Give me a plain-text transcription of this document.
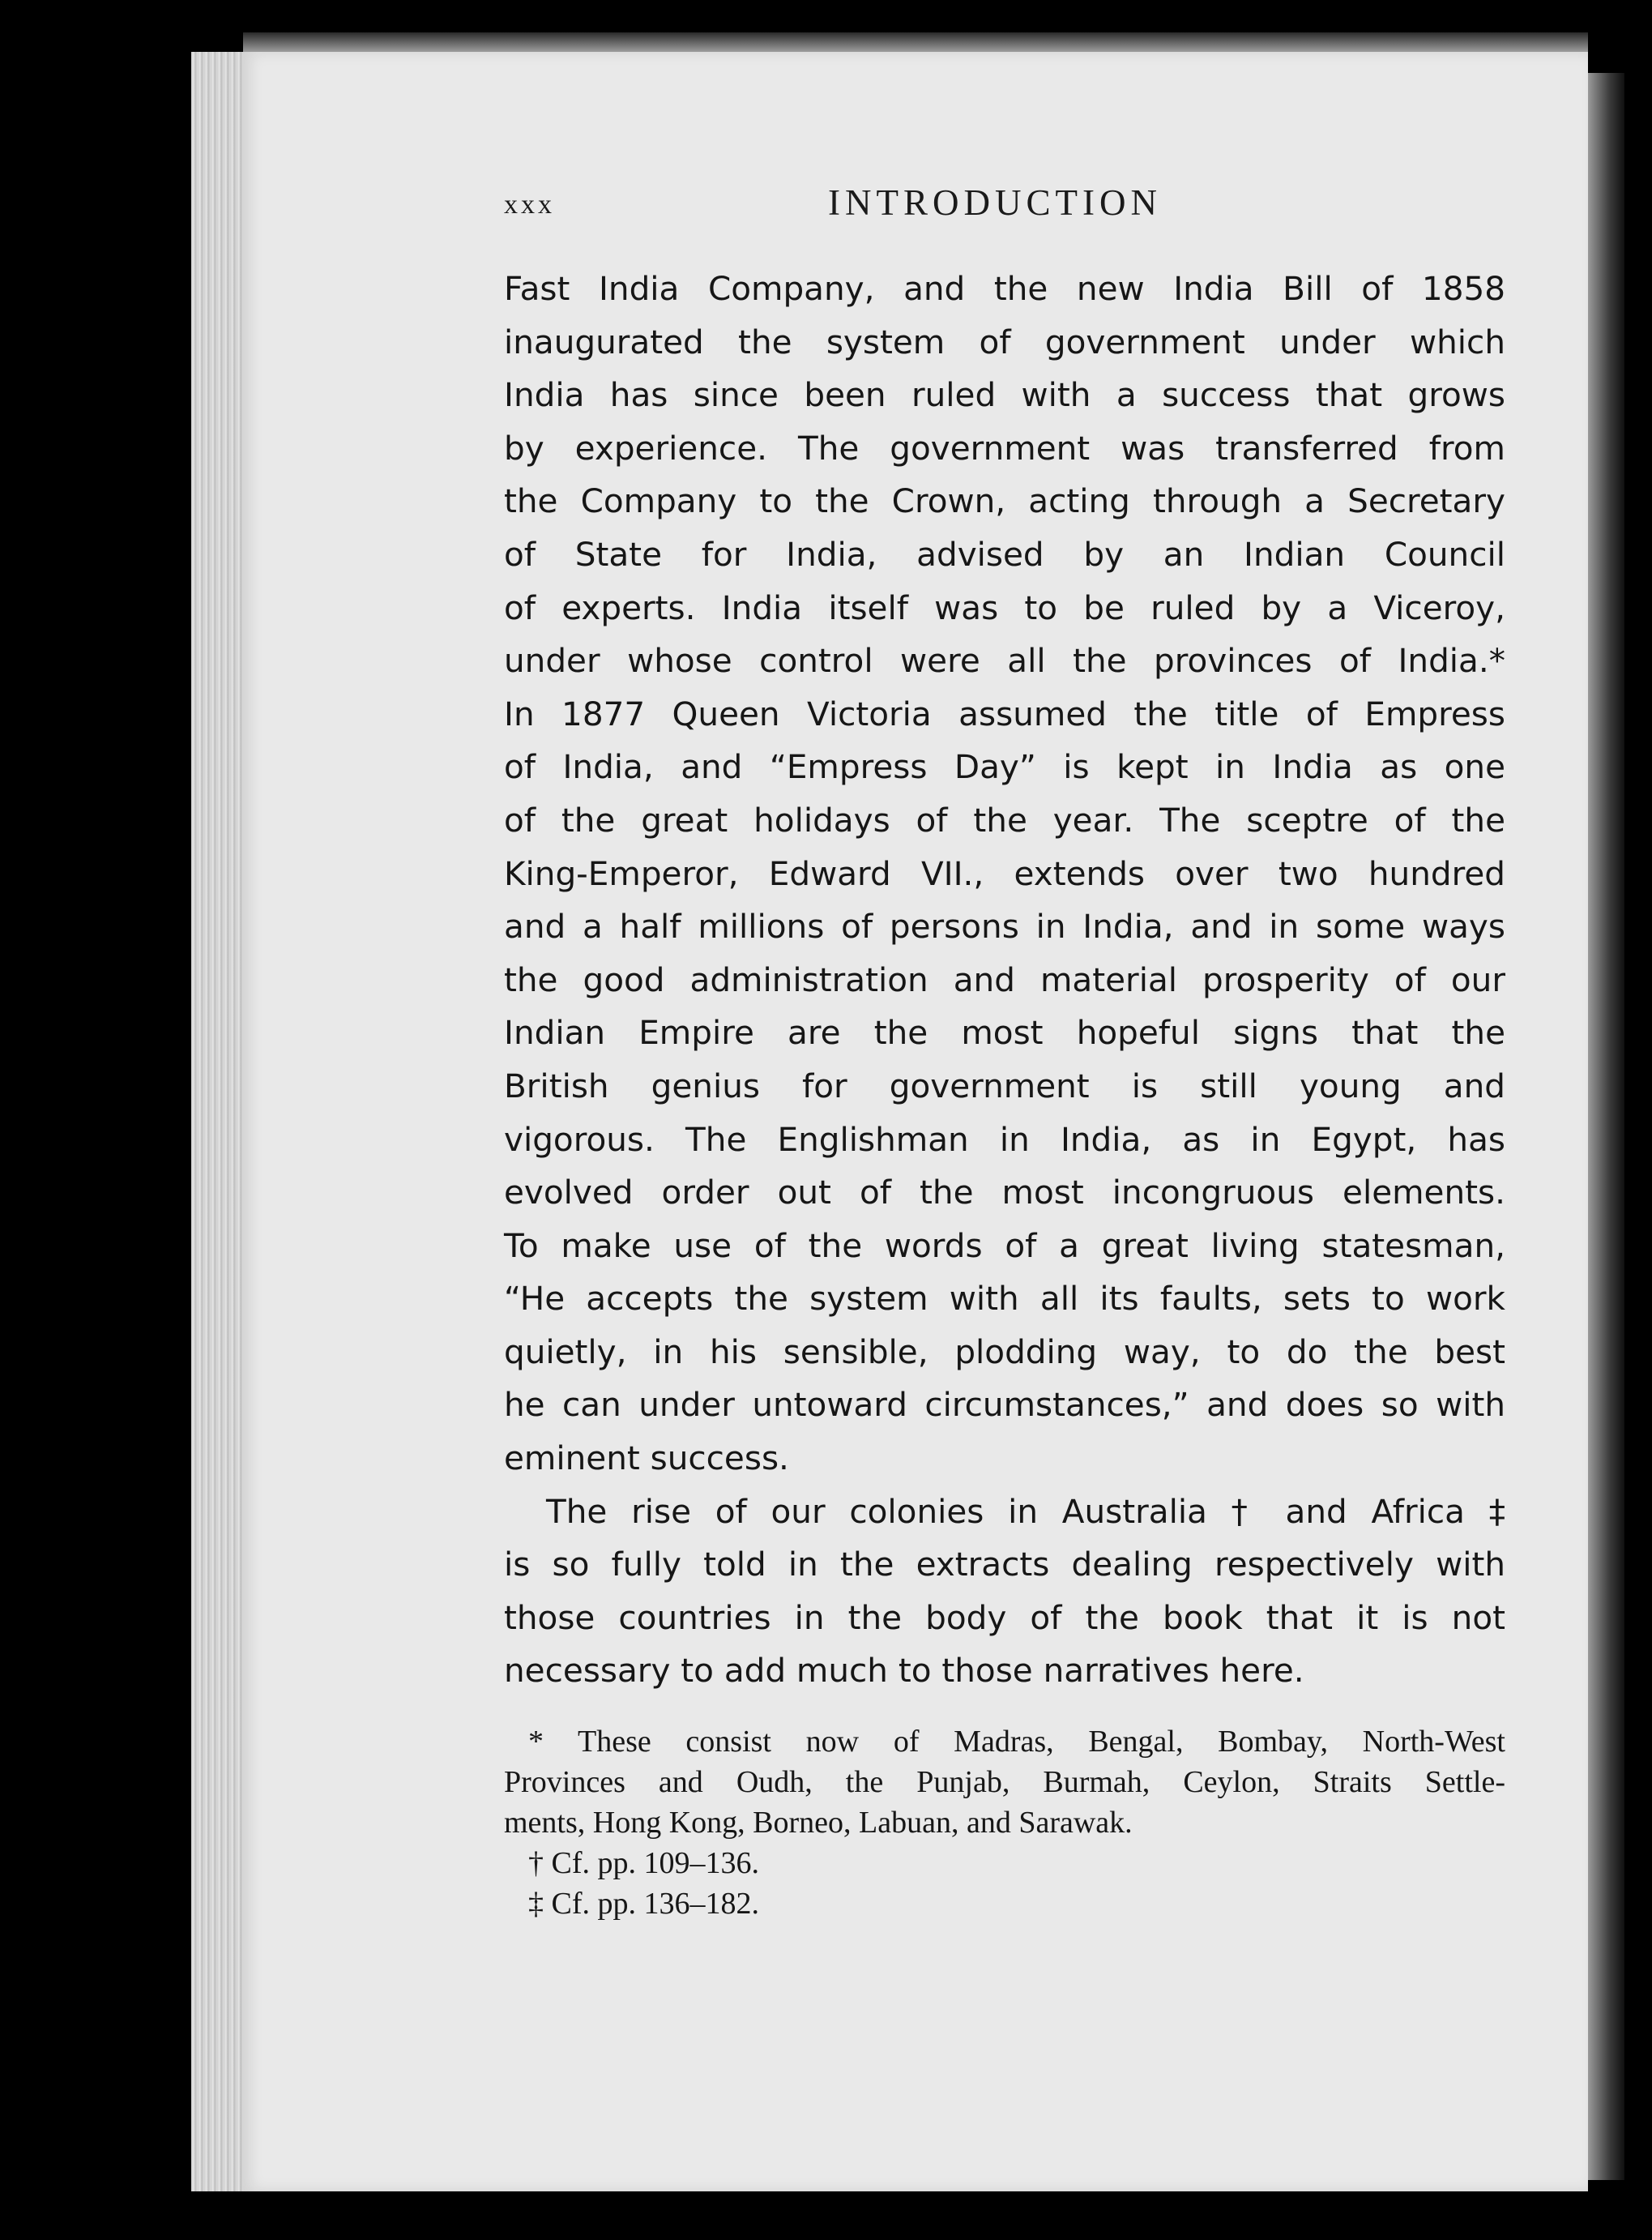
xxx	INTRODUCTION
Fast India Company, and the new India Bill of 1858
inaugurated the system of government under which
India has since been ruled with a success that grows
by experience. The government was transferred from
the Company to the Crown, acting through a Secretary
of State for India, advised by an Indian Council
of experts. India itself was to be ruled by a Viceroy,
under whose control were all the provinces of India.*
In 1877 Queen Victoria assumed the title of Empress
of India, and “Empress Day” is kept in India as one
of the great holidays of the year. The sceptre of the
King-Emperor, Edward VII., extends over two hundred
and a half millions of persons in India, and in some ways
the good administration and material prosperity of our
Indian Empire are the most hopeful signs that the
British genius for government is still young and
vigorous. The Englishman in India, as in Egypt, has
evolved order out of the most incongruous elements.
To make use of the words of a great living statesman,
“He accepts the system with all its faults, sets to work
quietly, in his sensible, plodding way, to do the best
he can under untoward circumstances,” and does so with
eminent success.
The rise of our colonies in Australia † and Africa ‡
is so fully told in the extracts dealing respectively with
those countries in the body of the book that it is not
necessary to add much to those narratives here.
* These consist now of Madras, Bengal, Bombay, North-West
Provinces and Oudh, the Punjab, Burmah, Ceylon, Straits Settle-
ments, Hong Kong, Borneo, Labuan, and Sarawak.
† Cf. pp. 109–136.
‡ Cf. pp. 136–182.
